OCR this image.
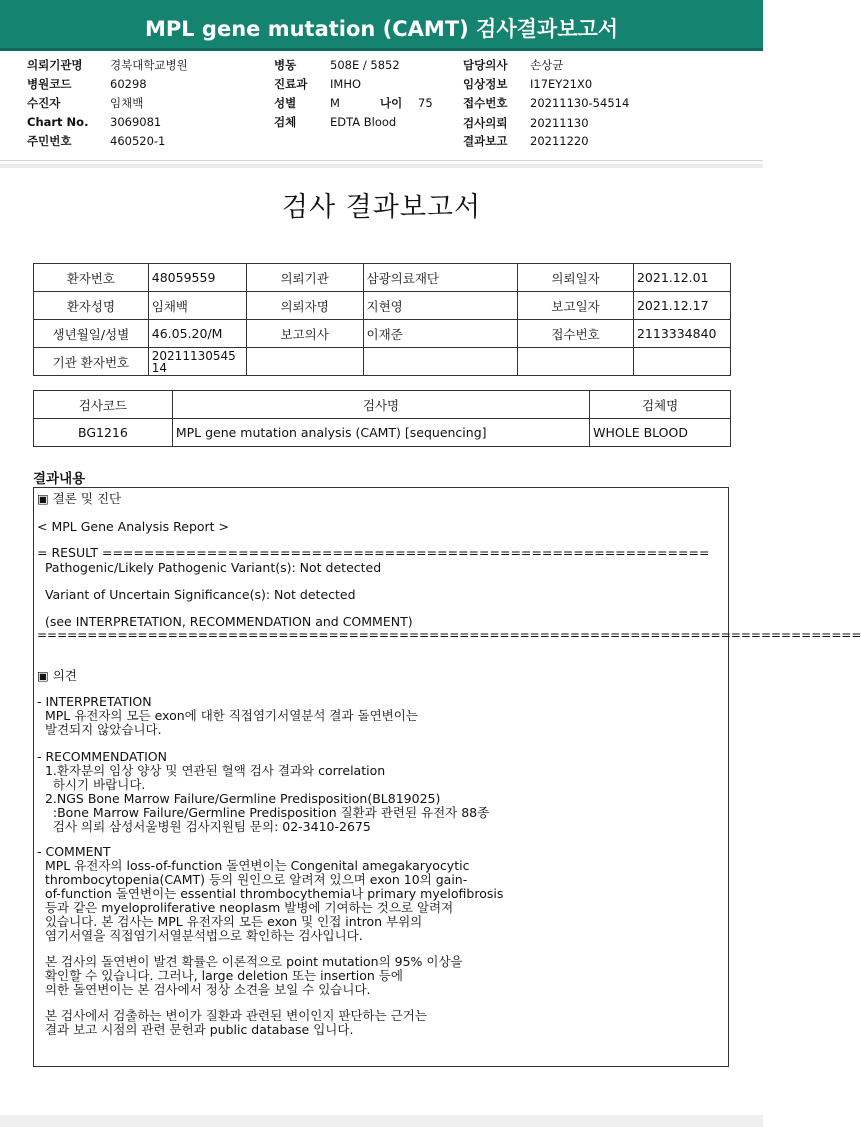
MPL gene mutation (CAMT) 검사결과보고서
의뢰기관명 경북대학교병원
병원코드	60298
수진자	임채백
Chart No. 3069081
주민번호	460520-1
병동	508E / 5852
진료과 IMHO
성별	M	나이 75
검체	EDTA Blood
담당의사 손상균
임상정보 I17EY21X0
접수번호 20211130-54514
검사의뢰 20211130
결과보고 20211220
검사 결과보고서
환자번호	48059559	의뢰기관	삼광의료재단	의뢰일자	2021.12.01
환자성명	임채백	의뢰자명	지현영	보고일자	2021.12.17
생년월일/성별	46.05.20/M	보고의사	이재준	접수번호	2113334840
기관 환자번호	20211130545
14				
검사코드	검사명	검체명
BG1216	MPL gene mutation analysis (CAMT) [sequencing]	WHOLE BLOOD
결과내용
▣ 결론 및 진단
< MPL Gene Analysis Report >
= RESULT ==========================================================
Pathogenic/Likely Pathogenic Variant(s): Not detected
Variant of Uncertain Significance(s): Not detected
(see INTERPRETATION, RECOMMENDATION and COMMENT)
==================================================================================
▣ 의견
- INTERPRETATION
MPL 유전자의 모든 exon에 대한 직접염기서열분석 결과 돌연변이는
발견되지 않았습니다.
- RECOMMENDATION
1.환자분의 임상 양상 및 연관된 혈액 검사 결과와 correlation
하시기 바랍니다.
2.NGS Bone Marrow Failure/Germline Predisposition(BL819025)
:Bone Marrow Failure/Germline Predisposition 질환과 관련된 유전자 88종
검사 의뢰 삼성서울병원 검사지원팀 문의: 02-3410-2675
- COMMENT
MPL 유전자의 loss-of-function 돌연변이는 Congenital amegakaryocytic
thrombocytopenia(CAMT) 등의 원인으로 알려져 있으며 exon 10의 gain-
of-function 돌연변이는 essential thrombocythemia나 primary myelofibrosis
등과 같은 myeloproliferative neoplasm 발병에 기여하는 것으로 알려져
있습니다. 본 검사는 MPL 유전자의 모든 exon 및 인접 intron 부위의
염기서열을 직접염기서열분석법으로 확인하는 검사입니다.
본 검사의 돌연변이 발견 확률은 이론적으로 point mutation의 95% 이상을
확인할 수 있습니다. 그러나, large deletion 또는 insertion 등에
의한 돌연변이는 본 검사에서 정상 소견을 보일 수 있습니다.
본 검사에서 검출하는 변이가 질환과 관련된 변이인지 판단하는 근거는
결과 보고 시점의 관련 문헌과 public database 입니다.
